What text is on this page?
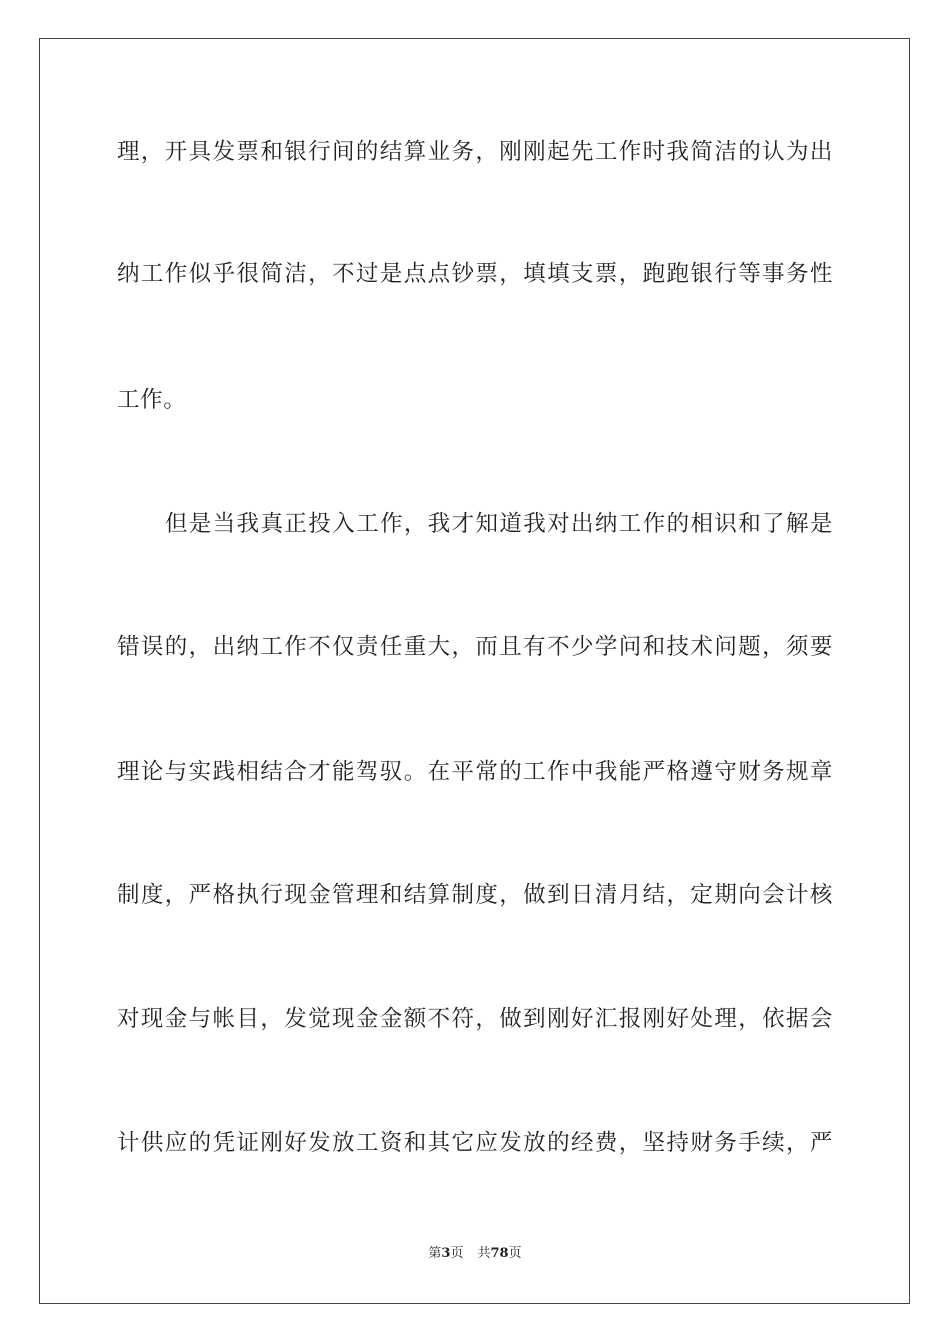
理，开具发票和银行间的结算业务，刚刚起先工作时我简洁的认为出
纳工作似乎很简洁，不过是点点钞票，填填支票，跑跑银行等事务性
工作。
但是当我真正投入工作，我才知道我对出纳工作的相识和了解是
错误的，出纳工作不仅责任重大，而且有不少学问和技术问题，须要
理论与实践相结合才能驾驭。在平常的工作中我能严格遵守财务规章
制度，严格执行现金管理和结算制度，做到日清月结，定期向会计核
对现金与帐目，发觉现金金额不符，做到刚好汇报刚好处理，依据会
计供应的凭证刚好发放工资和其它应发放的经费，坚持财务手续，严
第3页 共78页
